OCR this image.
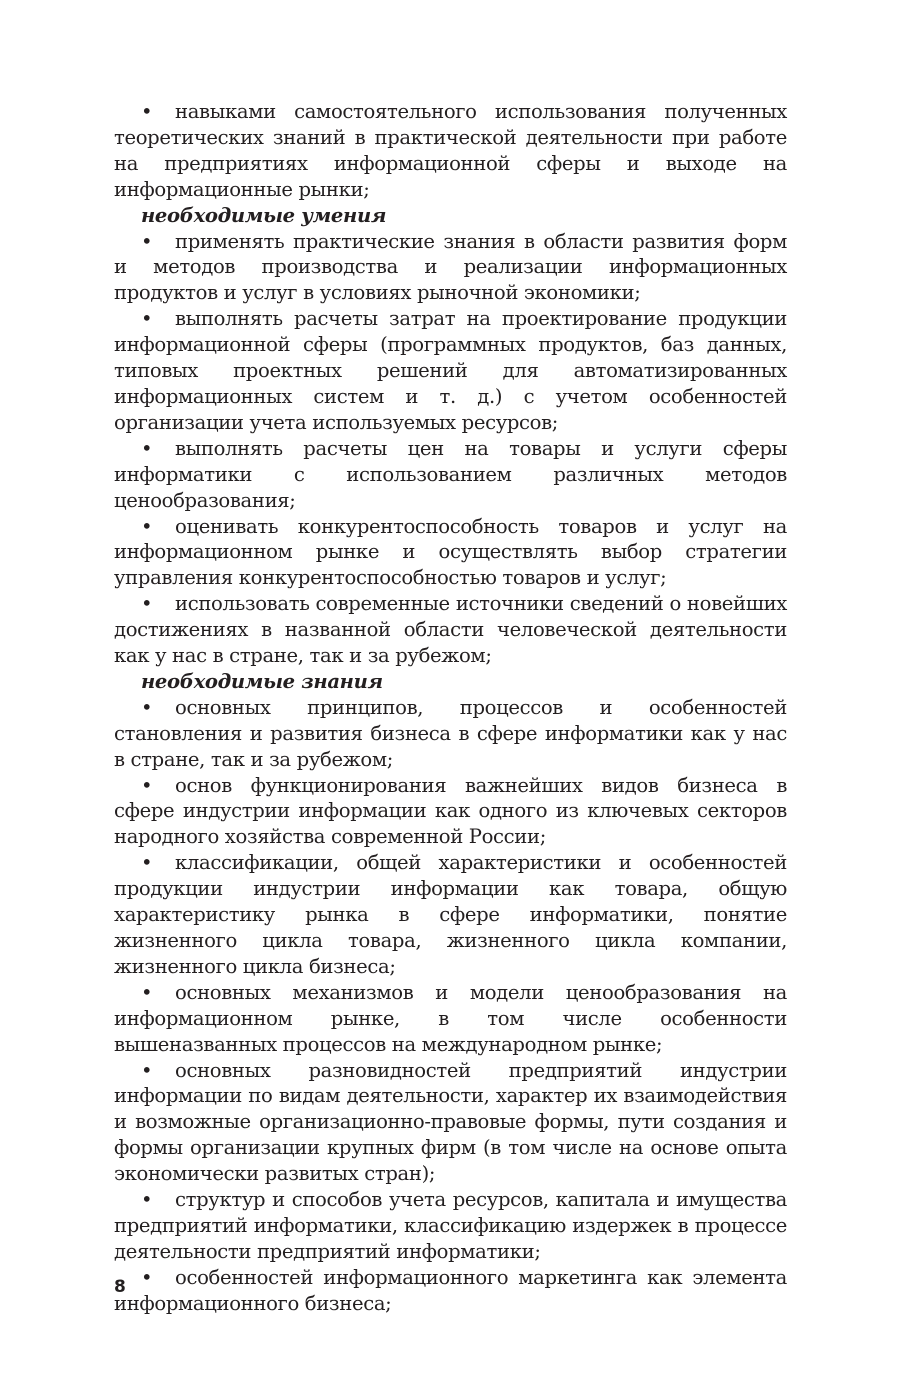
• навыками самостоятельного использования полученных теоретических знаний в практической деятельности при работе на предприятиях информационной сферы и выходе на информационные рынки;
необходимые умения
• применять практические знания в области развития форм и методов производства и реализации информационных продуктов и услуг в условиях рыночной экономики;
• выполнять расчеты затрат на проектирование продукции информационной сферы (программных продуктов, баз данных, типовых проектных решений для автоматизированных информационных систем и т. д.) с учетом особенностей организации учета используемых ресурсов;
• выполнять расчеты цен на товары и услуги сферы информатики с использованием различных методов ценообразования;
• оценивать конкурентоспособность товаров и услуг на информационном рынке и осуществлять выбор стратегии управления конкурентоспособностью товаров и услуг;
• использовать современные источники сведений о новейших достижениях в названной области человеческой деятельности как у нас в стране, так и за рубежом;
необходимые знания
• основных принципов, процессов и особенностей становления и развития бизнеса в сфере информатики как у нас в стране, так и за рубежом;
• основ функционирования важнейших видов бизнеса в сфере индустрии информации как одного из ключевых секторов народного хозяйства современной России;
• классификации, общей характеристики и особенностей продукции индустрии информации как товара, общую характеристику рынка в сфере информатики, понятие жизненного цикла товара, жизненного цикла компании, жизненного цикла бизнеса;
• основных механизмов и модели ценообразования на информационном рынке, в том числе особенности вышеназванных процессов на международном рынке;
• основных разновидностей предприятий индустрии информации по видам деятельности, характер их взаимодействия и возможные организационно-правовые формы, пути создания и формы организации крупных фирм (в том числе на основе опыта экономически развитых стран);
• структур и способов учета ресурсов, капитала и имущества предприятий информатики, классификацию издержек в процессе деятельности предприятий информатики;
• особенностей информационного маркетинга как элемента информационного бизнеса;
8
